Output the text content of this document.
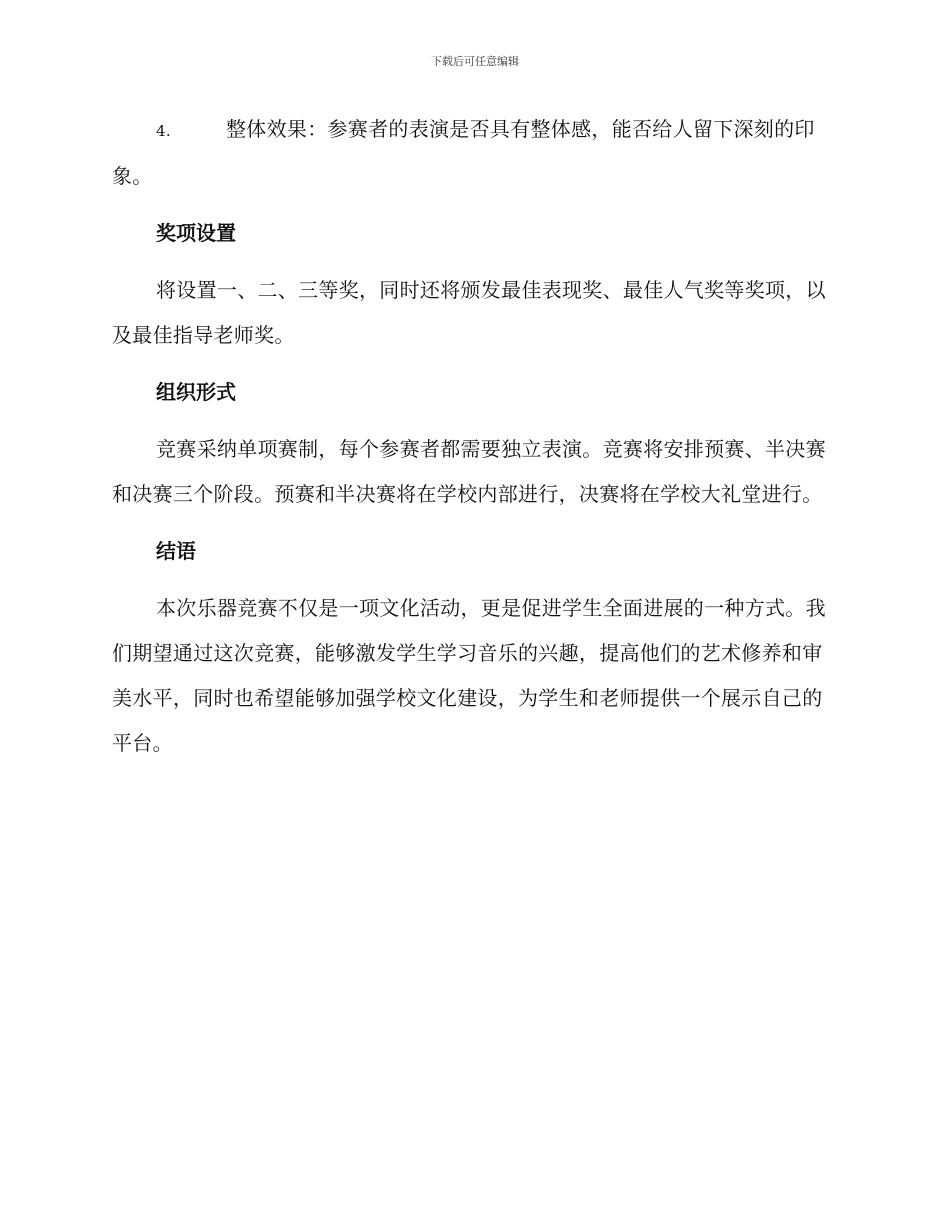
下载后可任意编辑

4.	整体效果：参赛者的表演是否具有整体感，能否给人留下深刻的印象。

奖项设置

将设置一、二、三等奖，同时还将颁发最佳表现奖、最佳人气奖等奖项，以及最佳指导老师奖。

组织形式

竞赛采纳单项赛制，每个参赛者都需要独立表演。竞赛将安排预赛、半决赛和决赛三个阶段。预赛和半决赛将在学校内部进行，决赛将在学校大礼堂进行。

结语

本次乐器竞赛不仅是一项文化活动，更是促进学生全面进展的一种方式。我们期望通过这次竞赛，能够激发学生学习音乐的兴趣，提高他们的艺术修养和审美水平，同时也希望能够加强学校文化建设，为学生和老师提供一个展示自己的平台。
